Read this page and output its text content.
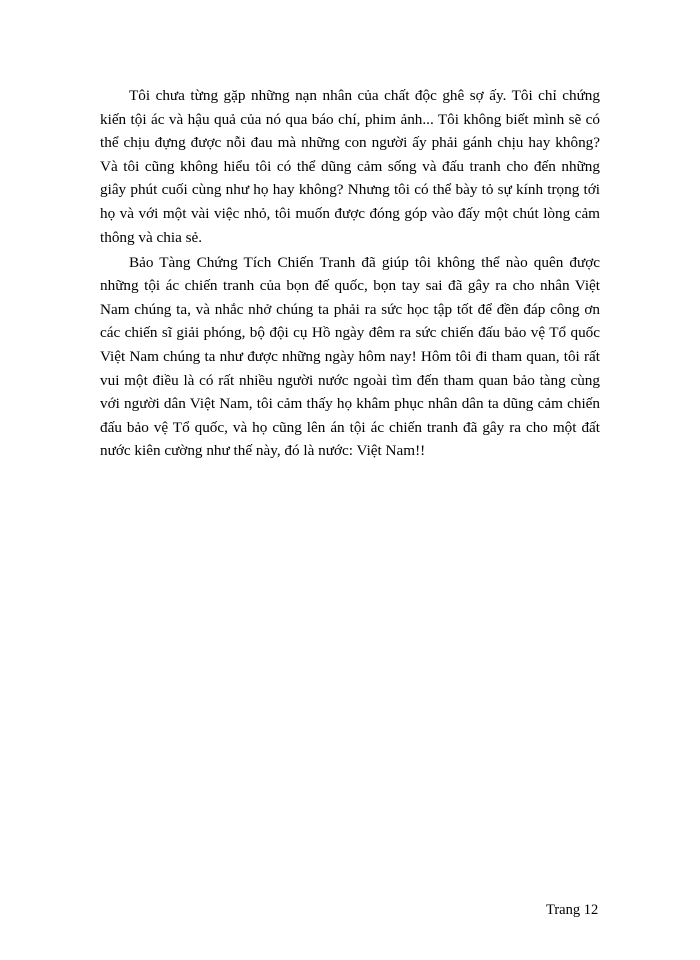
Tôi chưa từng gặp những nạn nhân của chất độc ghê sợ ấy. Tôi chỉ chứng kiến tội ác và hậu quả của nó qua báo chí, phim ảnh... Tôi không biết mình sẽ có thể chịu đựng được nỗi đau mà những con người ấy phải gánh chịu hay không? Và tôi cũng không hiểu tôi có thể dũng cảm sống và đấu tranh cho đến những giây phút cuối cùng như họ hay không? Nhưng tôi có thể bày tỏ sự kính trọng tới họ và với một vài việc nhỏ, tôi muốn được đóng góp vào đấy một chút lòng cảm thông và chia sẻ.

Bảo Tàng Chứng Tích Chiến Tranh đã giúp tôi không thể nào quên được những tội ác chiến tranh của bọn đế quốc, bọn tay sai đã gây ra cho nhân Việt Nam chúng ta, và nhắc nhở chúng ta phải ra sức học tập tốt để đền đáp công ơn các chiến sĩ giải phóng, bộ đội cụ Hồ ngày đêm ra sức chiến đấu bảo vệ Tổ quốc Việt Nam chúng ta như được những ngày hôm nay! Hôm tôi đi tham quan, tôi rất vui một điều là có rất nhiều người nước ngoài tìm đến tham quan bảo tàng cùng với người dân Việt Nam, tôi cảm thấy họ khâm phục nhân dân ta dũng cảm chiến đấu bảo vệ Tổ quốc, và họ cũng lên án tội ác chiến tranh đã gây ra cho một đất nước kiên cường như thế này, đó là nước: Việt Nam!!

Trang 12
